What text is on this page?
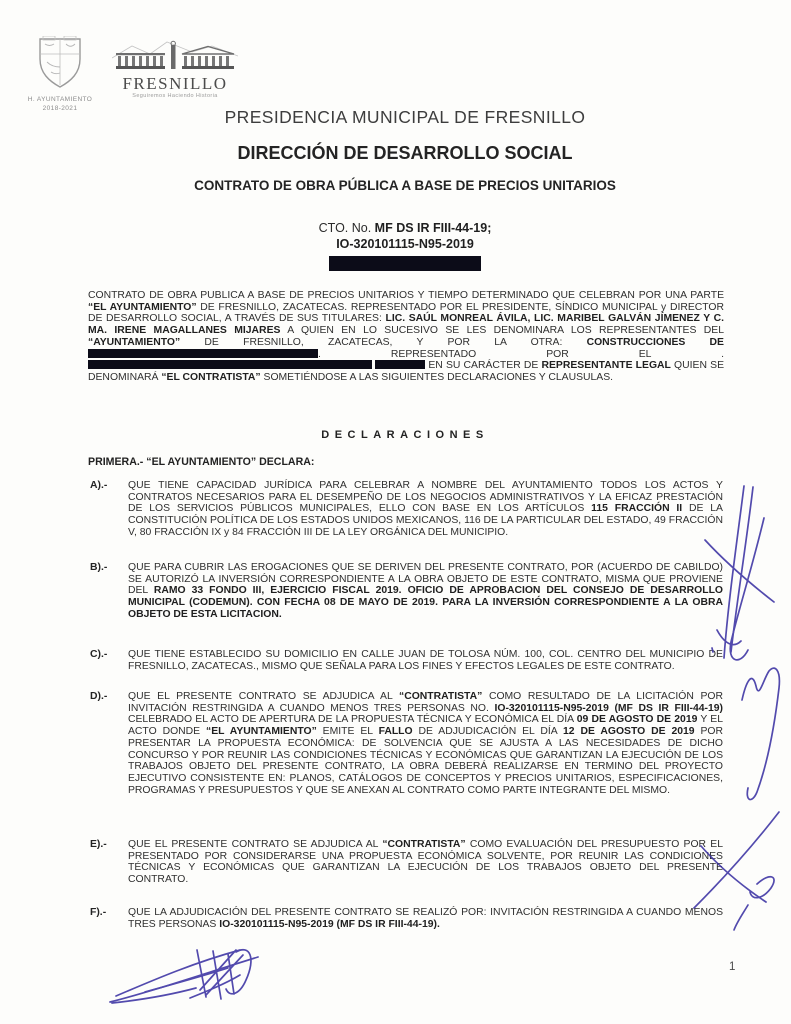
H. AYUNTAMIENTO
2018-2021
FRESNILLO
Seguiremos Haciendo Historia
PRESIDENCIA MUNICIPAL DE FRESNILLO
DIRECCIÓN DE DESARROLLO SOCIAL
CONTRATO DE OBRA PÚBLICA A BASE DE PRECIOS UNITARIOS
CTO. No. MF DS IR FIII-44-19;
IO-320101115-N95-2019
CONTRATO DE OBRA PUBLICA A BASE DE PRECIOS UNITARIOS Y TIEMPO DETERMINADO QUE CELEBRAN POR UNA PARTE “EL AYUNTAMIENTO” DE FRESNILLO, ZACATECAS. REPRESENTADO POR EL PRESIDENTE, SÍNDICO MUNICIPAL y DIRECTOR DE DESARROLLO SOCIAL, A TRAVÉS DE SUS TITULARES: LIC. SAÚL MONREAL ÁVILA, LIC. MARIBEL GALVÁN JÍMENEZ Y C. MA. IRENE MAGALLANES MIJARES A QUIEN EN LO SUCESIVO SE LES DENOMINARA LOS REPRESENTANTES DEL “AYUNTAMIENTO” DE FRESNILLO, ZACATECAS, Y POR LA OTRA: CONSTRUCCIONES DE . REPRESENTADO POR EL .   EN SU CARÁCTER DE REPRESENTANTE LEGAL QUIEN SE DENOMINARÁ “EL CONTRATISTA” SOMETIÉNDOSE A LAS SIGUIENTES DECLARACIONES Y CLAUSULAS.
DECLARACIONES
PRIMERA.- “EL AYUNTAMIENTO” DECLARA:
A).-	QUE TIENE CAPACIDAD JURÍDICA PARA CELEBRAR A NOMBRE DEL AYUNTAMIENTO TODOS LOS ACTOS Y CONTRATOS NECESARIOS PARA EL DESEMPEÑO DE LOS NEGOCIOS ADMINISTRATIVOS Y LA EFICAZ PRESTACIÓN DE LOS SERVICIOS PÚBLICOS MUNICIPALES, ELLO CON BASE EN LOS ARTÍCULOS 115 FRACCIÓN II DE LA CONSTITUCIÓN POLÍTICA DE LOS ESTADOS UNIDOS MEXICANOS, 116 DE LA PARTICULAR DEL ESTADO, 49 FRACCIÓN V, 80 FRACCIÓN IX y 84 FRACCIÓN III DE LA LEY ORGÁNICA DEL MUNICIPIO.
B).-	QUE PARA CUBRIR LAS EROGACIONES QUE SE DERIVEN DEL PRESENTE CONTRATO, POR (ACUERDO DE CABILDO) SE AUTORIZÓ LA INVERSIÓN CORRESPONDIENTE A LA OBRA OBJETO DE ESTE CONTRATO, MISMA QUE PROVIENE DEL RAMO 33 FONDO III, EJERCICIO FISCAL 2019. OFICIO DE APROBACION DEL CONSEJO DE DESARROLLO MUNICIPAL (CODEMUN). CON FECHA 08 DE MAYO DE 2019. PARA LA INVERSIÓN CORRESPONDIENTE A LA OBRA OBJETO DE ESTA LICITACION.
C).-	QUE TIENE ESTABLECIDO SU DOMICILIO EN CALLE JUAN DE TOLOSA NÚM. 100, COL. CENTRO DEL MUNICIPIO DE FRESNILLO, ZACATECAS., MISMO QUE SEÑALA PARA LOS FINES Y EFECTOS LEGALES DE ESTE CONTRATO.
D).-	QUE EL PRESENTE CONTRATO SE ADJUDICA AL “CONTRATISTA” COMO RESULTADO DE LA LICITACIÓN POR INVITACIÓN RESTRINGIDA A CUANDO MENOS TRES PERSONAS NO. IO-320101115-N95-2019 (MF DS IR FIII-44-19) CELEBRADO EL ACTO DE APERTURA DE LA PROPUESTA TÉCNICA Y ECONÓMICA EL DÍA 09 DE AGOSTO DE 2019 Y EL ACTO DONDE “EL AYUNTAMIENTO” EMITE EL FALLO DE ADJUDICACIÓN EL DÍA 12 DE AGOSTO DE 2019 POR PRESENTAR LA PROPUESTA ECONÓMICA: DE SOLVENCIA QUE SE AJUSTA A LAS NECESIDADES DE DICHO CONCURSO Y POR REUNIR LAS CONDICIONES TÉCNICAS Y ECONÓMICAS QUE GARANTIZAN LA EJECUCIÓN DE LOS TRABAJOS OBJETO DEL PRESENTE CONTRATO, LA OBRA DEBERÁ REALIZARSE EN TERMINO DEL PROYECTO EJECUTIVO CONSISTENTE EN: PLANOS, CATÁLOGOS DE CONCEPTOS Y PRECIOS UNITARIOS, ESPECIFICACIONES, PROGRAMAS Y PRESUPUESTOS Y QUE SE ANEXAN AL CONTRATO COMO PARTE INTEGRANTE DEL MISMO.
E).-	QUE EL PRESENTE CONTRATO SE ADJUDICA AL “CONTRATISTA” COMO EVALUACIÓN DEL PRESUPUESTO POR EL PRESENTADO POR CONSIDERARSE UNA PROPUESTA ECONÓMICA SOLVENTE, POR REUNIR LAS CONDICIONES TÉCNICAS Y ECONÓMICAS QUE GARANTIZAN LA EJECUCIÓN DE LOS TRABAJOS OBJETO DEL PRESENTE CONTRATO.
F).-	QUE LA ADJUDICACIÓN DEL PRESENTE CONTRATO SE REALIZÓ POR: INVITACIÓN RESTRINGIDA A CUANDO MENOS TRES PERSONAS IO-320101115-N95-2019 (MF DS IR FIII-44-19).
1
